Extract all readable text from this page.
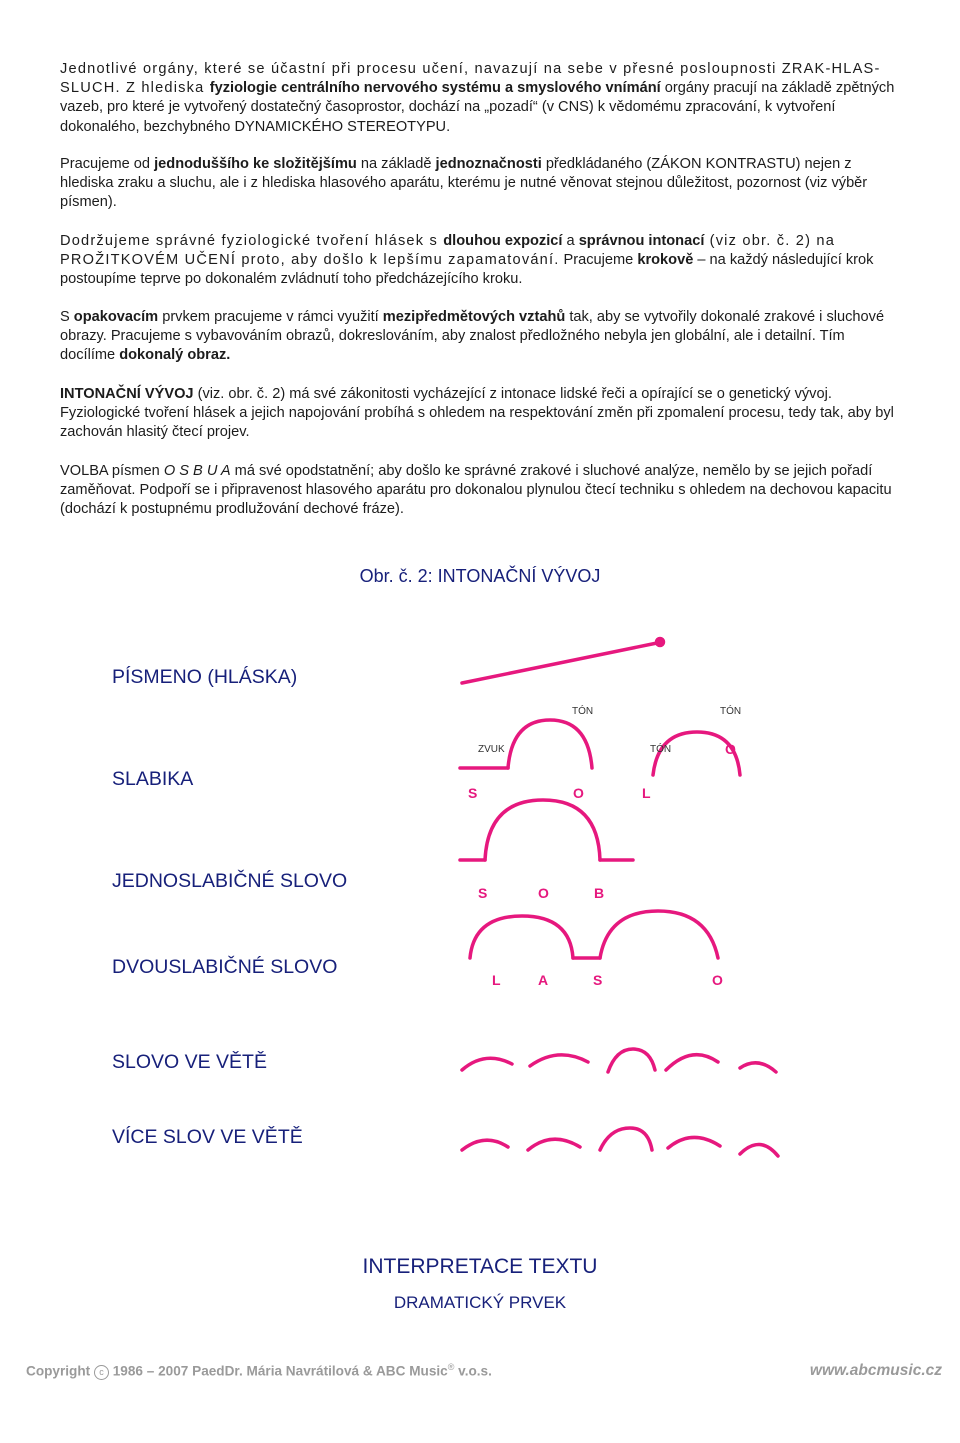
Jednotlivé orgány, které se účastní při procesu učení, navazují na sebe v přesné posloupnosti ZRAK-HLAS-SLUCH. Z hlediska fyziologie centrálního nervového systému a smyslového vnímání orgány pracují na základě zpětných vazeb, pro které je vytvořený dostatečný časoprostor, dochází na „pozadí“ (v CNS) k vědomému zpracování, k vytvoření dokonalého, bezchybného DYNAMICKÉHO STEREOTYPU.

Pracujeme od jednoduššího ke složitějšímu na základě jednoznačnosti předkládaného (ZÁKON KONTRASTU) nejen z hlediska zraku a sluchu, ale i z hlediska hlasového aparátu, kterému je nutné věnovat stejnou důležitost, pozornost (viz výběr písmen).

Dodržujeme správné fyziologické tvoření hlásek s dlouhou expozicí a správnou intonací (viz obr. č. 2) na PROŽITKOVÉM UČENÍ proto, aby došlo k lepšímu zapamatování. Pracujeme krokově – na každý následující krok postoupíme teprve po dokonalém zvládnutí toho předcházejícího kroku.

S opakovacím prvkem pracujeme v rámci využití mezipředmětových vztahů tak, aby se vytvořily dokonalé zrakové i sluchové obrazy. Pracujeme s vybavováním obrazů, dokreslováním, aby znalost předložného nebyla jen globální, ale i detailní. Tím docílíme dokonalý obraz.

INTONAČNÍ VÝVOJ (viz. obr. č. 2) má své zákonitosti vycházející z intonace lidské řeči a opírající se o genetický vývoj. Fyziologické tvoření hlásek a jejich napojování probíhá s ohledem na respektování změn při zpomalení procesu, tedy tak, aby byl zachován hlasitý čtecí projev.

VOLBA písmen O S B U A má své opodstatnění; aby došlo ke správné zrakové i sluchové analýze, nemělo by se jejich pořadí zaměňovat. Podpoří se i připravenost hlasového aparátu pro dokonalou plynulou čtecí techniku s ohledem na dechovou kapacitu (dochází k postupnému prodlužování dechové fráze).

Obr. č. 2: INTONAČNÍ VÝVOJ
PÍSMENO (HLÁSKA)
SLABIKA
JEDNOSLABIČNÉ SLOVO
DVOUSLABIČNÉ SLOVO
SLOVO VE VĚTĚ
VÍCE SLOV VE VĚTĚ
TÓN	TÓN
ZVUK	TÓN
S	O
O
L
S	O	B
L	A	S	O
INTERPRETACE TEXTU
DRAMATICKÝ PRVEK
Copyright c 1986 – 2007 PaedDr. Mária Navrátilová & ABC Music® v.o.s.	www.abcmusic.cz
